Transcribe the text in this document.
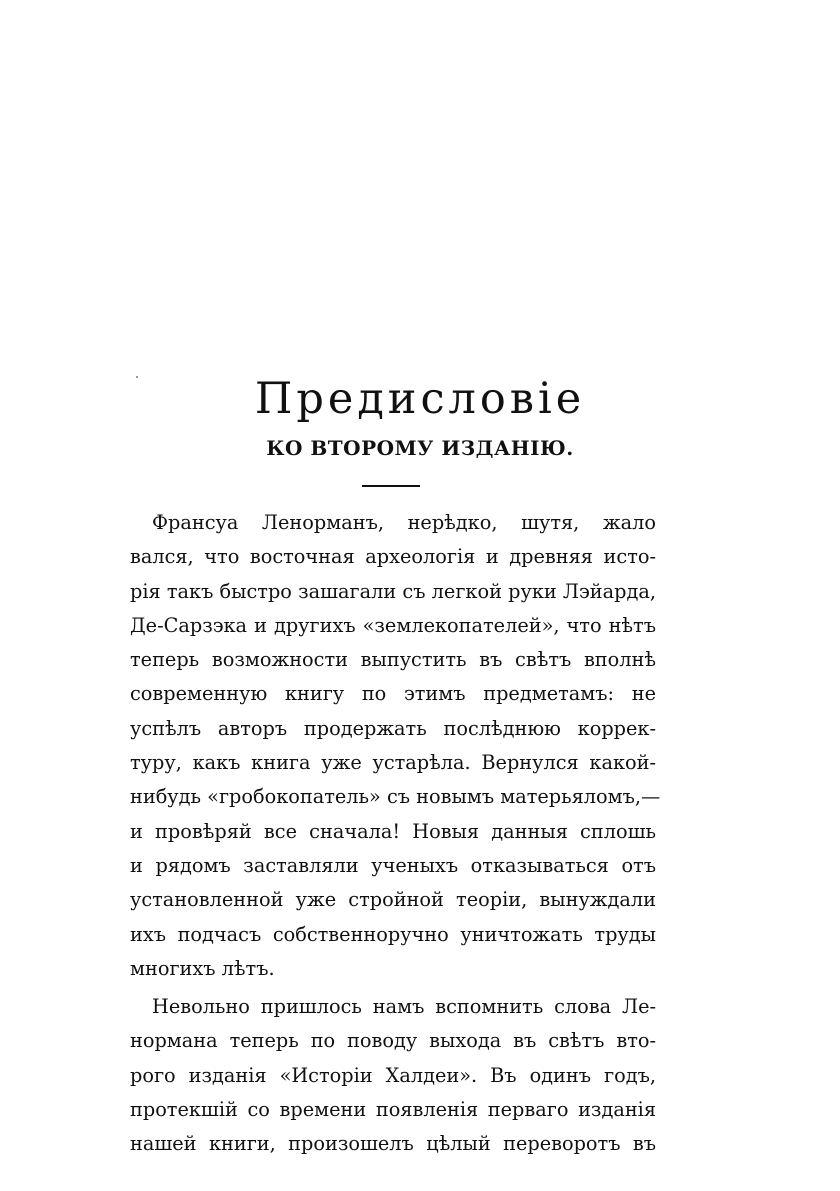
Предисловіе
КО ВТОРОМУ ИЗДАНІЮ.
Франсуа Ленорманъ, нерѣдко, шутя, жало
вался, что восточная археологія и древняя исто-
рія такъ быстро зашагали съ легкой руки Лэйарда,
Де-Сарзэка и другихъ «землекопателей», что нѣтъ
теперь возможности выпустить въ свѣтъ вполнѣ
современную книгу по этимъ предметамъ: не
успѣлъ авторъ продержать послѣднюю коррек-
туру, какъ книга уже устарѣла. Вернулся какой-
нибудь «гробокопатель» съ новымъ матерьяломъ,—
и провѣряй все сначала! Новыя данныя сплошь
и рядомъ заставляли ученыхъ отказываться отъ
установленной уже стройной теоріи, вынуждали
ихъ подчасъ собственноручно уничтожать труды
многихъ лѣтъ.
Невольно пришлось намъ вспомнить слова Ле-
нормана теперь по поводу выхода въ свѣтъ вто-
рого изданія «Исторіи Халдеи». Въ одинъ годъ,
протекшій со времени появленія перваго изданія
нашей книги, произошелъ цѣлый переворотъ въ
